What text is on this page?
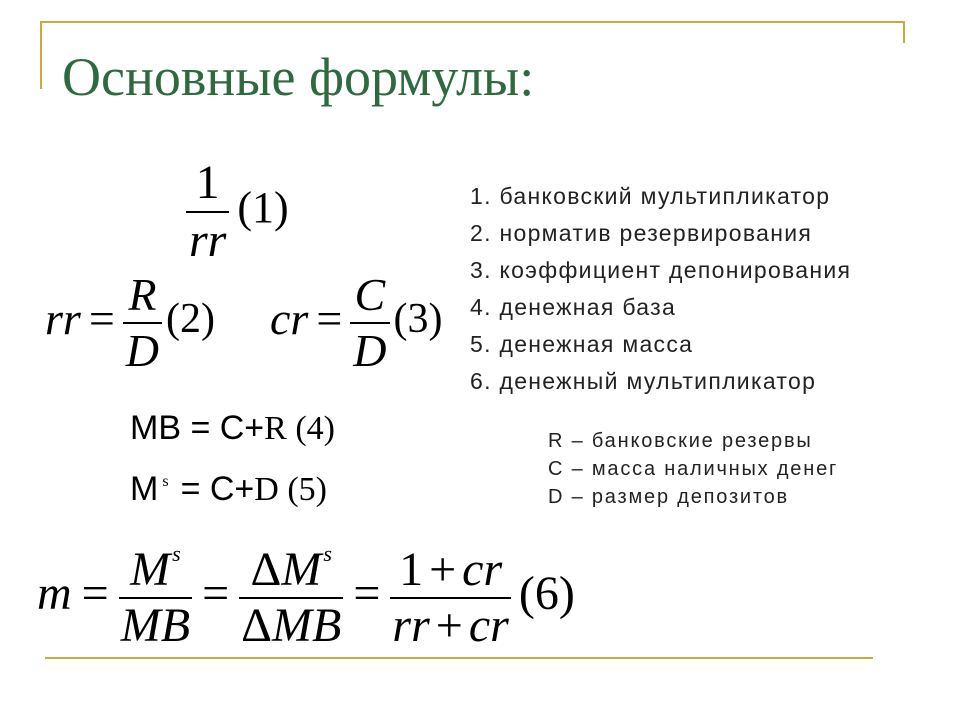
Основные формулы:
$\frac{1}{rr} (1)$
rr = $\frac{R}{D} (2)$ cr = $\frac{C}{D} (3)$
MB = C+R (4)
M $^s$ = C+D (5)
1. банковский мультипликатор
2. норматив резервирования
3. коэффициент депонирования
4. денежная база
5. денежная масса
6. денежный мультипликатор
R – банковские резервы
C – масса наличных денег
D – размер депозитов
$m = \frac{M^s}{MB} = \frac{\Delta M^s}{\text{ΔMB}} = \frac{1 + cr}{rr + cr} (6)$
